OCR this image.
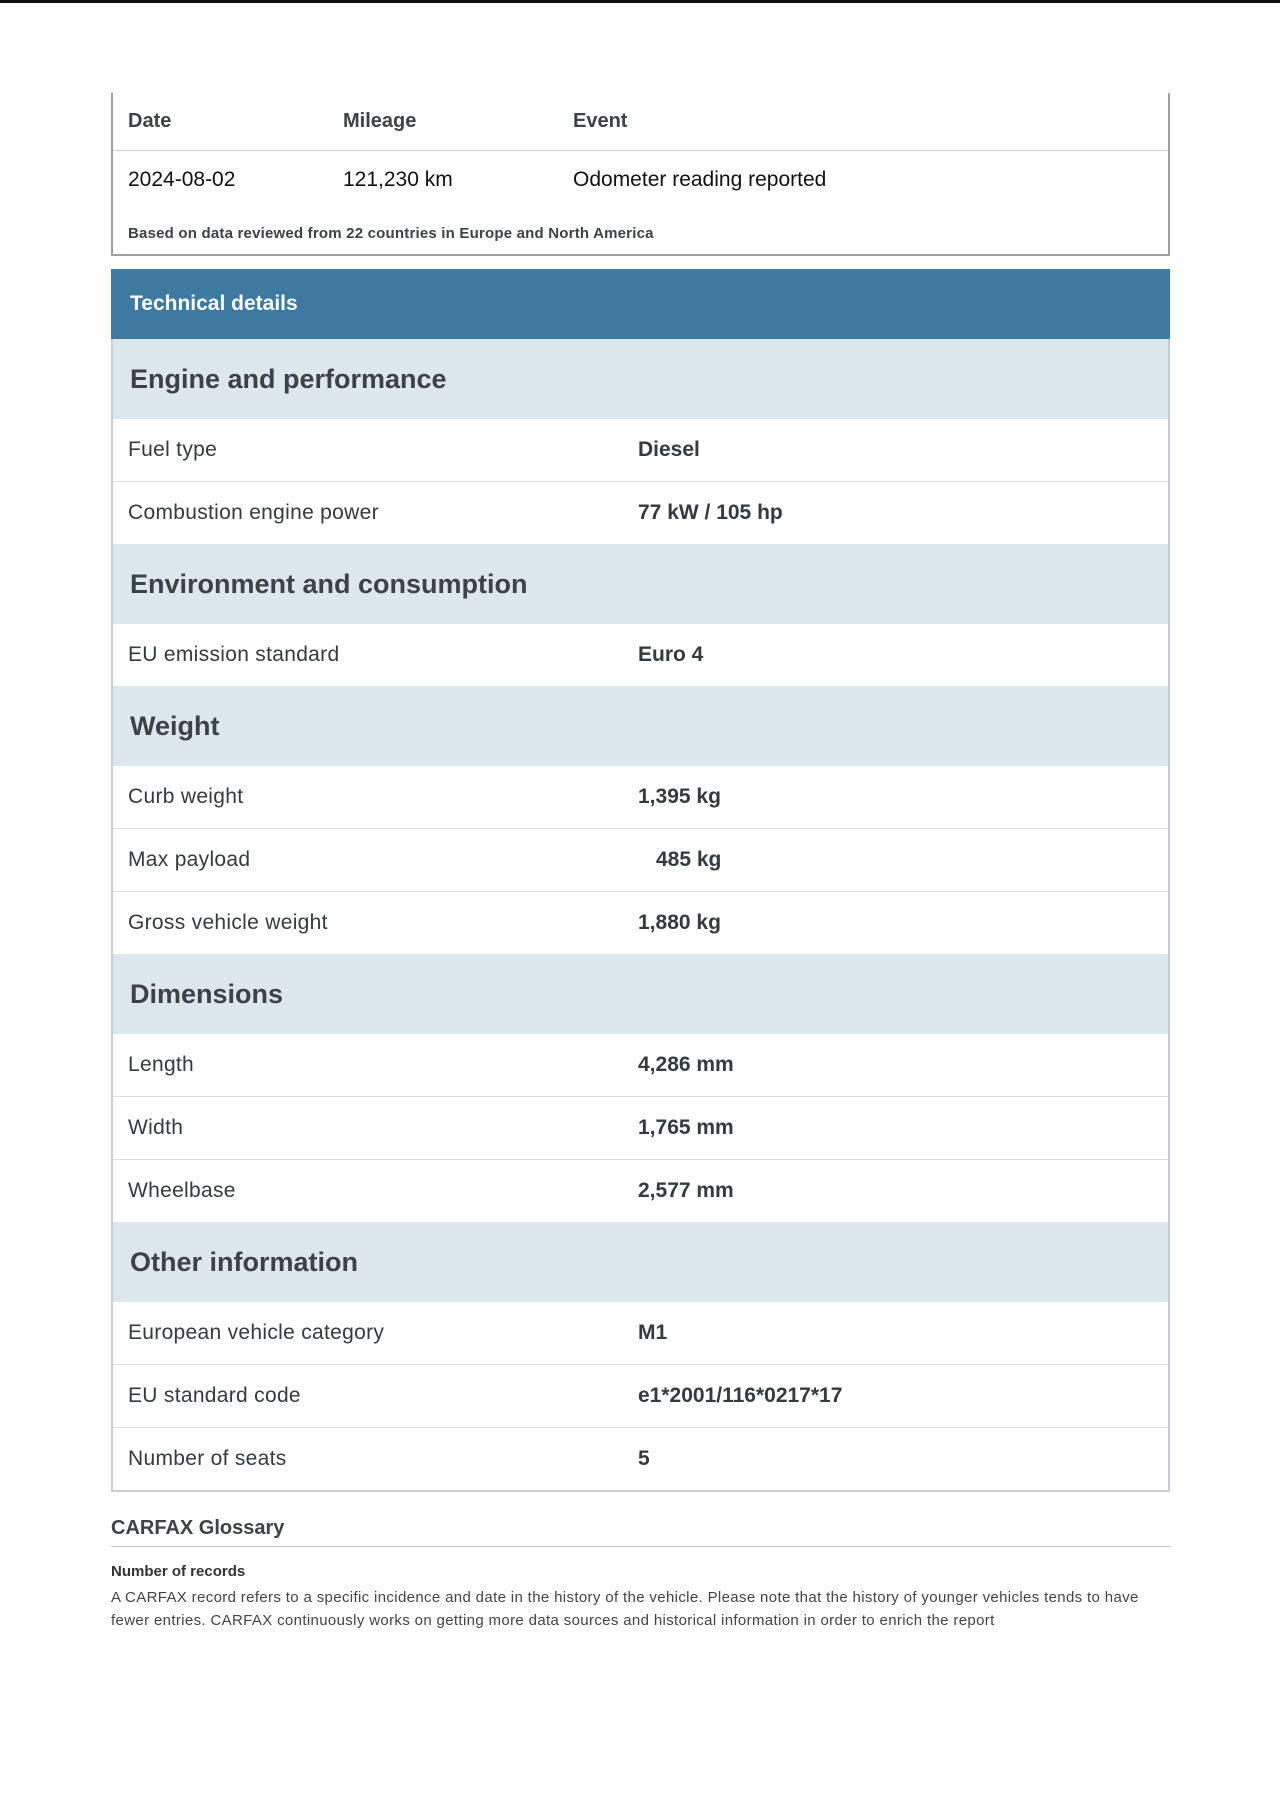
Date	Mileage	Event
2024-08-02	121,230 km	Odometer reading reported
Based on data reviewed from 22 countries in Europe and North America
Technical details
Engine and performance
Fuel type	Diesel
Combustion engine power	77 kW / 105 hp
Environment and consumption
EU emission standard	Euro 4
Weight
Curb weight	1,395 kg
Max payload	485 kg
Gross vehicle weight	1,880 kg
Dimensions
Length	4,286 mm
Width	1,765 mm
Wheelbase	2,577 mm
Other information
European vehicle category	M1
EU standard code	e1*2001/116*0217*17
Number of seats	5
CARFAX Glossary
Number of records
A CARFAX record refers to a specific incidence and date in the history of the vehicle. Please note that the history of younger vehicles tends to have fewer entries. CARFAX continuously works on getting more data sources and historical information in order to enrich the report
